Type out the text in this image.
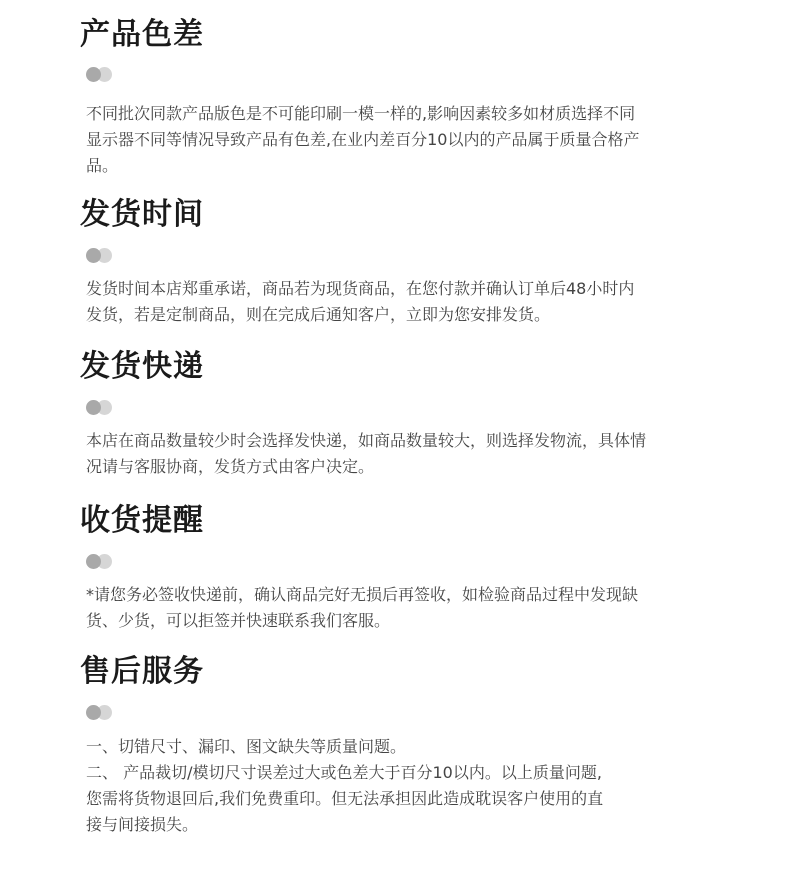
产品色差
不同批次同款产品版色是不可能印刷一模一样的,影响因素较多如材质选择不同
显示器不同等情况导致产品有色差,在业内差百分10以内的产品属于质量合格产
品。
发货时间
发货时间本店郑重承诺，商品若为现货商品，在您付款并确认订单后48小时内
发货，若是定制商品，则在完成后通知客户，立即为您安排发货。
发货快递
本店在商品数量较少时会选择发快递，如商品数量较大，则选择发物流，具体情
况请与客服协商，发货方式由客户决定。
收货提醒
*请您务必签收快递前，确认商品完好无损后再签收，如检验商品过程中发现缺
货、少货，可以拒签并快速联系我们客服。
售后服务
一、切错尺寸、漏印、图文缺失等质量问题。
二、 产品裁切/模切尺寸误差过大或色差大于百分10以内。以上质量问题,
您需将货物退回后,我们免费重印。但无法承担因此造成耽误客户使用的直
接与间接损失。
